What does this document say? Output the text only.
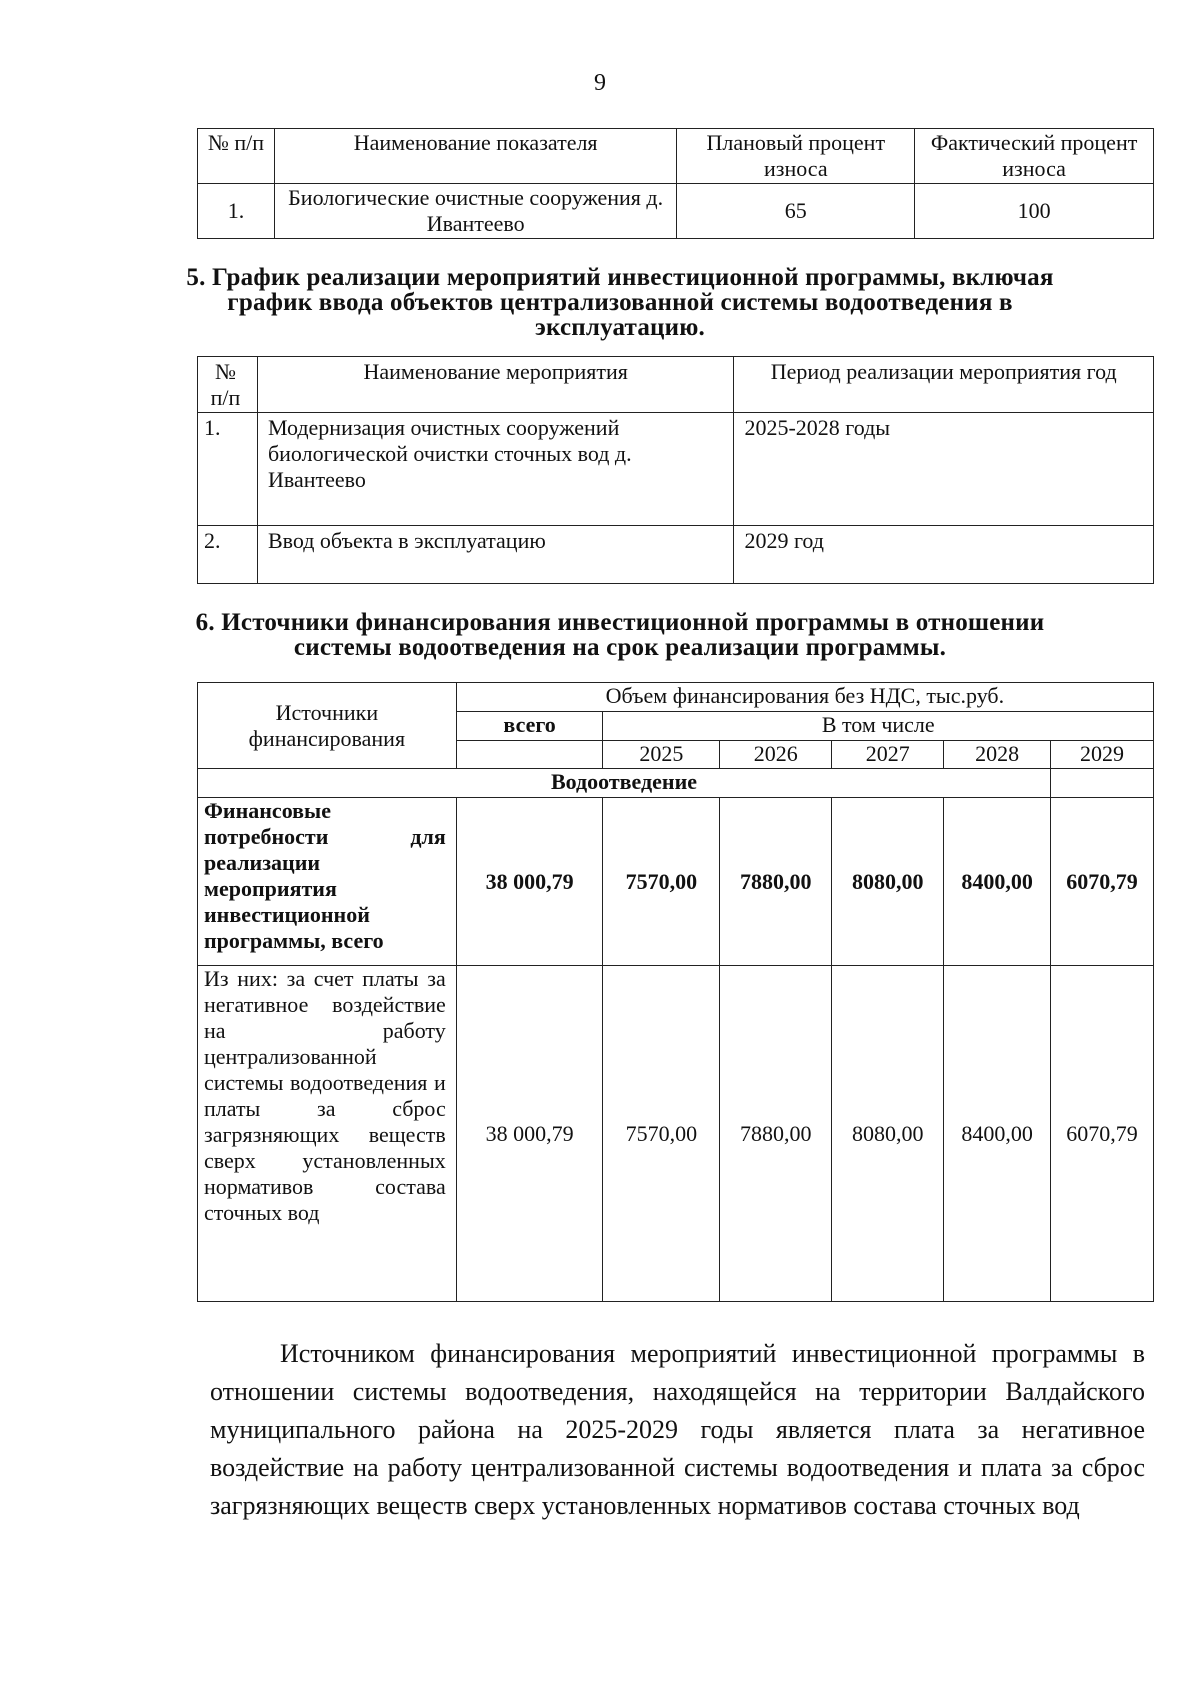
9
№ п/п	Наименование показателя	Плановый процент износа	Фактический процент износа
1.	Биологические очистные сооружения д. Ивантеево	65	100
5. График реализации мероприятий инвестиционной программы, включая график ввода объектов централизованной системы водоотведения в эксплуатацию.
№ п/п	Наименование мероприятия	Период реализации мероприятия год
1.	Модернизация очистных сооружений биологической очистки сточных вод д. Ивантеево	2025-2028 годы
2.	Ввод объекта в эксплуатацию	2029 год
6. Источники финансирования инвестиционной программы в отношении системы водоотведения на срок реализации программы.
Источники финансирования	Объем финансирования без НДС, тыс.руб.					
	всего	В том числе				
		2025	2026	2027	2028	2029
Водоотведение						
Финансовые потребности для реализации мероприятия инвестиционной программы, всего	38 000,79	7570,00	7880,00	8080,00	8400,00	6070,79
Из них: за счет платы за негативное воздействие на работу централизованной системы водоотведения и платы за сброс загрязняющих веществ сверх установленных нормативов состава сточных вод	38 000,79	7570,00	7880,00	8080,00	8400,00	6070,79
Источником финансирования мероприятий инвестиционной программы в отношении системы водоотведения, находящейся на территории Валдайского муниципального района на 2025-2029 годы является плата за негативное воздействие на работу централизованной системы водоотведения и плата за сброс загрязняющих веществ сверх установленных нормативов состава сточных вод
